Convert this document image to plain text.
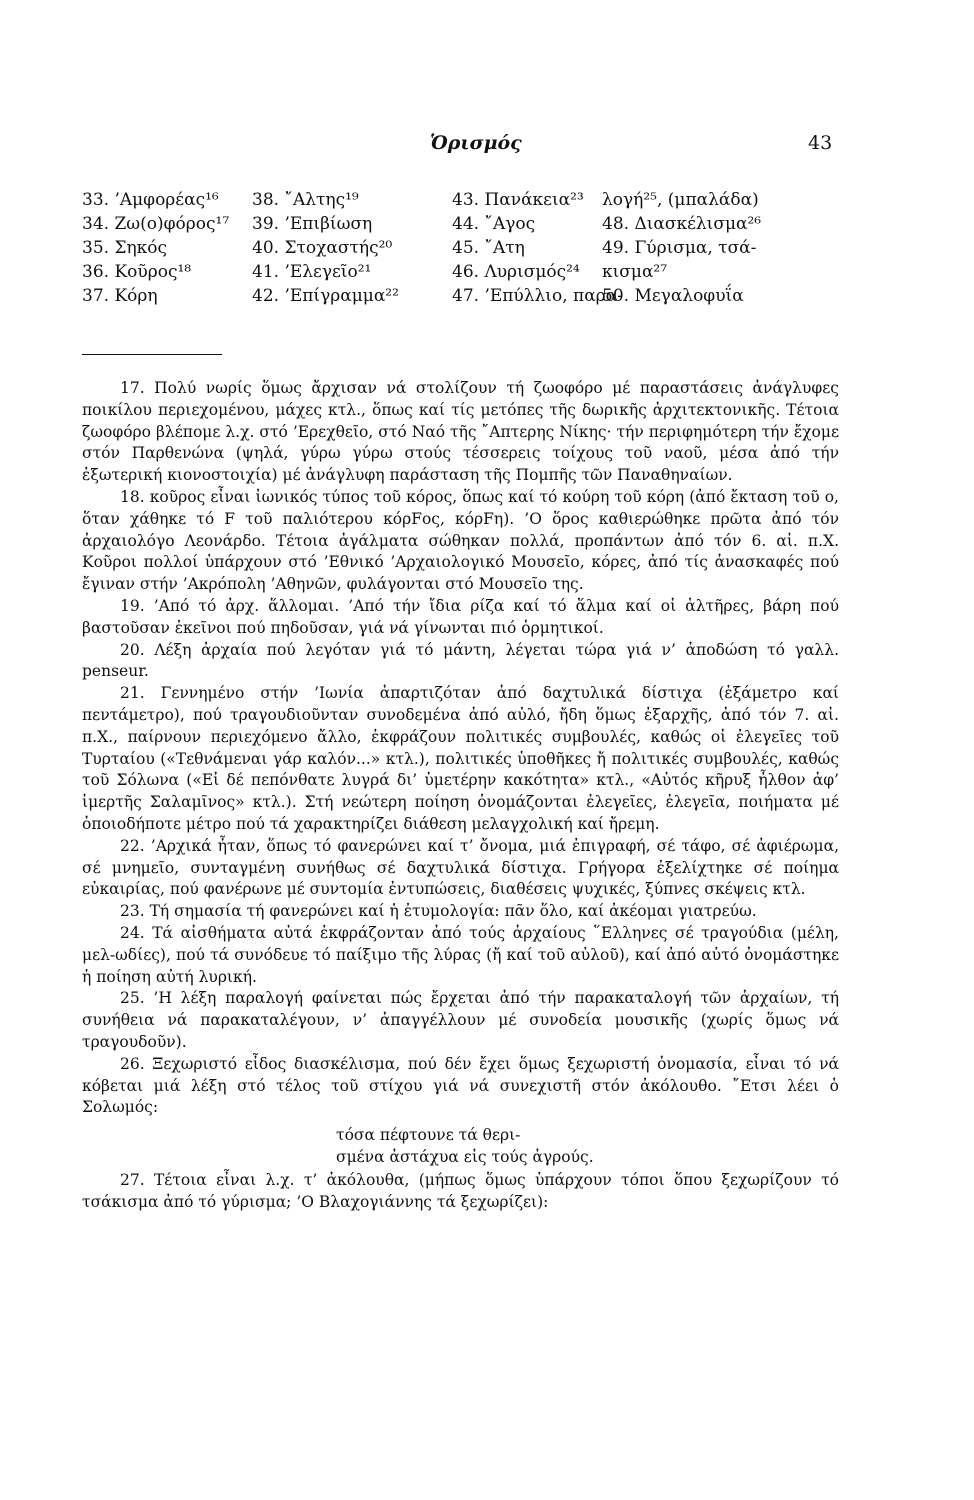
Ὁρισμός	43
33. ’Αμφορέας¹⁶
34. Ζω(ο)φόρος¹⁷
35. Σηκός
36. Κοῦρος¹⁸
37. Κόρη
38. ῎Αλτης¹⁹
39. ’Επιβίωση
40. Στοχαστής²⁰
41. ’Ελεγεῖο²¹
42. ’Επίγραμμα²²
43. Πανάκεια²³
44. ῎Αγος
45. ῎Ατη
46. Λυρισμός²⁴
47. ’Επύλλιο, παρα-
λογή²⁵, (μπαλάδα)
48. Διασκέλισμα²⁶
49. Γύρισμα, τσά-
κισμα²⁷
50. Μεγαλοφυΐα

17. Πολύ νωρίς ὅμως ἄρχισαν νά στολίζουν τή ζωοφόρο μέ παραστάσεις ἀνάγλυφες ποικίλου περιεχομένου, μάχες κτλ., ὅπως καί τίς μετόπες τῆς δωρικῆς ἀρχιτεκτονικῆς. Τέτοια ζωοφόρο βλέπομε λ.χ. στό ’Ερεχθεῖο, στό Ναό τῆς ῎Απτερης Νίκης· τήν περιφημότερη τήν ἔχομε στόν Παρθενώνα (ψηλά, γύρω γύρω στούς τέσσερεις τοίχους τοῦ ναοῦ, μέσα ἀπό τήν ἐξωτερική κιονοστοιχία) μέ ἀνάγλυφη παράσταση τῆς Πομπῆς τῶν Παναθηναίων.

18. κοῦρος εἶναι ἰωνικός τύπος τοῦ κόρος, ὅπως καί τό κούρη τοῦ κόρη (ἀπό ἔκταση τοῦ ο, ὅταν χάθηκε τό F τοῦ παλιότερου κόρFος, κόρFη). ’Ο ὅρος καθιερώθηκε πρῶτα ἀπό τόν ἀρχαιολόγο Λεονάρδο. Τέτοια ἀγάλματα σώθηκαν πολλά, προπάντων ἀπό τόν 6. αἰ. π.Χ. Κοῦροι πολλοί ὑπάρχουν στό ’Εθνικό ’Αρχαιολογικό Μουσεῖο, κόρες, ἀπό τίς ἀνασκαφές πού ἔγιναν στήν ’Ακρόπολη ’Αθηνῶν, φυλάγονται στό Μουσεῖο της.

19. ’Από τό ἀρχ. ἅλλομαι. ’Από τήν ἴδια ρίζα καί τό ἅλμα καί οἱ ἁλτῆρες, βάρη πού βαστοῦσαν ἐκεῖνοι πού πηδοῦσαν, γιά νά γίνωνται πιό ὁρμητικοί.

20. Λέξη ἀρχαία πού λεγόταν γιά τό μάντη, λέγεται τώρα γιά ν’ ἀποδώση τό γαλλ. penseur.

21. Γεννημένο στήν ’Ιωνία ἀπαρτιζόταν ἀπό δαχτυλικά δίστιχα (ἑξάμετρο καί πεντάμετρο), πού τραγουδιοῦνταν συνοδεμένα ἀπό αὐλό, ἤδη ὅμως ἐξαρχῆς, ἀπό τόν 7. αἰ. π.Χ., παίρνουν περιεχόμενο ἄλλο, ἐκφράζουν πολιτικές συμβουλές, καθώς οἱ ἐλεγεῖες τοῦ Τυρταίου («Τεθνάμεναι γάρ καλόν...» κτλ.), πολιτικές ὑποθῆκες ἤ πολιτικές συμβουλές, καθώς τοῦ Σόλωνα («Εἰ δέ πεπόνθατε λυγρά δι’ ὑμετέρην κακότητα» κτλ., «Αὐτός κῆρυξ ἦλθον ἀφ’ ἱμερτῆς Σαλαμῖνος» κτλ.). Στή νεώτερη ποίηση ὀνομάζονται ἐλεγεῖες, ἐλεγεῖα, ποιήματα μέ ὁποιοδήποτε μέτρο πού τά χαρακτηρίζει διάθεση μελαγχολική καί ἤρεμη.

22. ’Αρχικά ἦταν, ὅπως τό φανερώνει καί τ’ ὄνομα, μιά ἐπιγραφή, σέ τάφο, σέ ἀφιέρωμα, σέ μνημεῖο, συνταγμένη συνήθως σέ δαχτυλικά δίστιχα. Γρήγορα ἐξελίχτηκε σέ ποίημα εὐκαιρίας, πού φανέρωνε μέ συντομία ἐντυπώσεις, διαθέσεις ψυχικές, ξύπνες σκέψεις κτλ.

23. Τή σημασία τή φανερώνει καί ἡ ἐτυμολογία: πᾶν ὅλο, καί ἀκέομαι γιατρεύω.

24. Τά αἰσθήματα αὐτά ἐκφράζονταν ἀπό τούς ἀρχαίους ῞Ελληνες σέ τραγούδια (μέλη, μελ-ωδίες), πού τά συνόδευε τό παίξιμο τῆς λύρας (ἤ καί τοῦ αὐλοῦ), καί ἀπό αὐτό ὀνομάστηκε ἡ ποίηση αὐτή λυρική.

25. ’Η λέξη παραλογή φαίνεται πώς ἔρχεται ἀπό τήν παρακαταλογή τῶν ἀρχαίων, τή συνήθεια νά παρακαταλέγουν, ν’ ἀπαγγέλλουν μέ συνοδεία μουσικῆς (χωρίς ὅμως νά τραγουδοῦν).

26. Ξεχωριστό εἶδος διασκέλισμα, πού δέν ἔχει ὅμως ξεχωριστή ὀνομασία, εἶναι τό νά κόβεται μιά λέξη στό τέλος τοῦ στίχου γιά νά συνεχιστῆ στόν ἀκόλουθο. ῎Ετσι λέει ὁ Σολωμός:

τόσα πέφτουνε τά θερι-
σμένα ἀστάχυα εἰς τούς ἀγρούς.

27. Τέτοια εἶναι λ.χ. τ’ ἀκόλουθα, (μήπως ὅμως ὑπάρχουν τόποι ὅπου ξεχωρίζουν τό τσάκισμα ἀπό τό γύρισμα; ’Ο Βλαχογιάννης τά ξεχωρίζει):
